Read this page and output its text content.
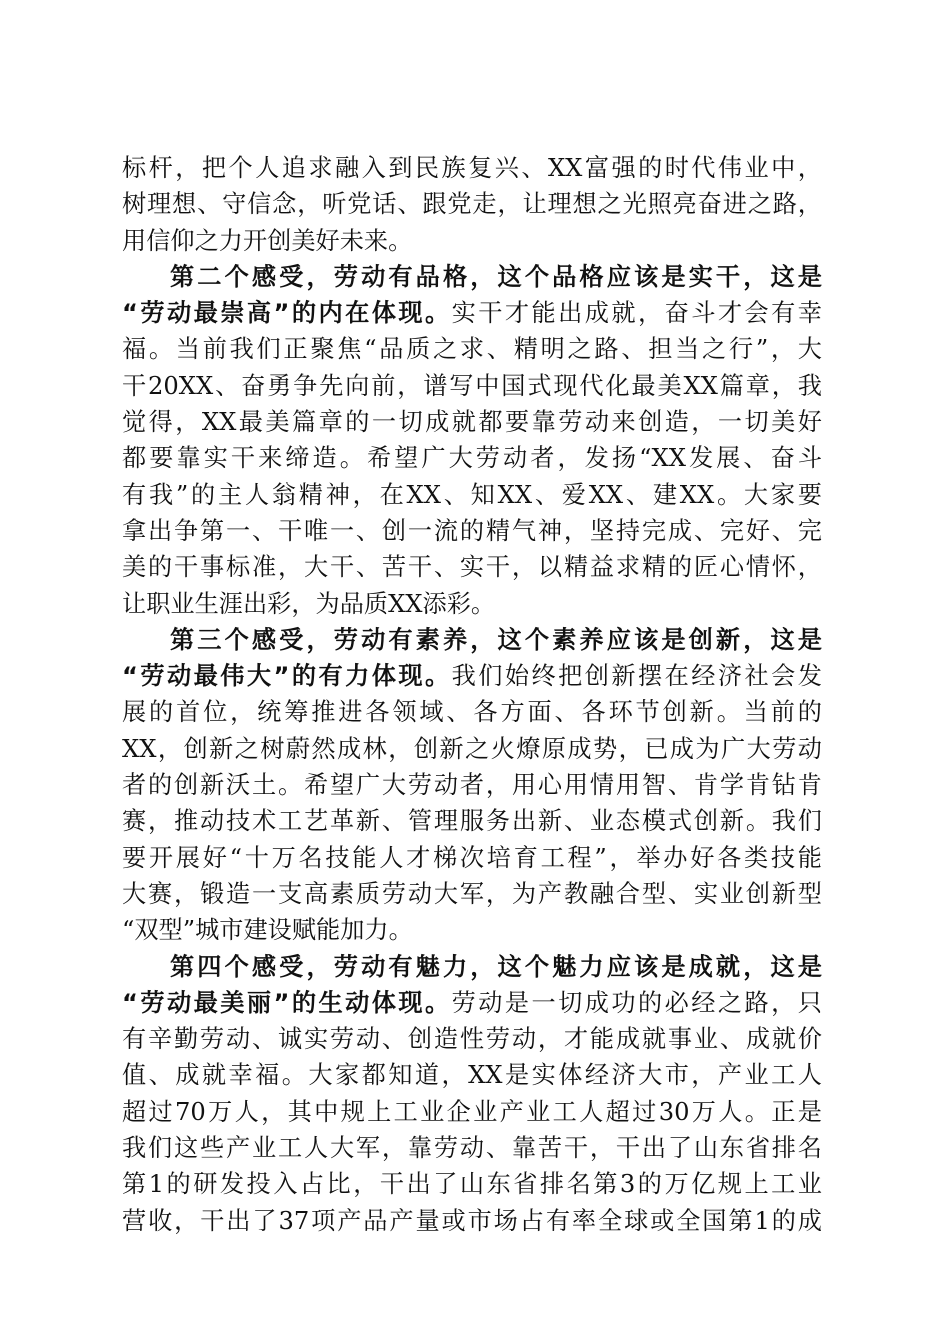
标杆，把个人追求融入到民族复兴、XX富强的时代伟业中，
树理想、守信念，听党话、跟党走，让理想之光照亮奋进之路，
用信仰之力开创美好未来。
第二个感受，劳动有品格，这个品格应该是实干，这是
“劳动最崇高”的内在体现。实干才能出成就，奋斗才会有幸
福。当前我们正聚焦“品质之求、精明之路、担当之行”，大
干20XX、奋勇争先向前，谱写中国式现代化最美XX篇章，我
觉得，XX最美篇章的一切成就都要靠劳动来创造，一切美好
都要靠实干来缔造。希望广大劳动者，发扬“XX发展、奋斗
有我”的主人翁精神，在XX、知XX、爱XX、建XX。大家要
拿出争第一、干唯一、创一流的精气神，坚持完成、完好、完
美的干事标准，大干、苦干、实干，以精益求精的匠心情怀，
让职业生涯出彩，为品质XX添彩。
第三个感受，劳动有素养，这个素养应该是创新，这是
“劳动最伟大”的有力体现。我们始终把创新摆在经济社会发
展的首位，统筹推进各领域、各方面、各环节创新。当前的
XX，创新之树蔚然成林，创新之火燎原成势，已成为广大劳动
者的创新沃土。希望广大劳动者，用心用情用智、肯学肯钻肯
赛，推动技术工艺革新、管理服务出新、业态模式创新。我们
要开展好“十万名技能人才梯次培育工程”，举办好各类技能
大赛，锻造一支高素质劳动大军，为产教融合型、实业创新型
“双型”城市建设赋能加力。
第四个感受，劳动有魅力，这个魅力应该是成就，这是
“劳动最美丽”的生动体现。劳动是一切成功的必经之路，只
有辛勤劳动、诚实劳动、创造性劳动，才能成就事业、成就价
值、成就幸福。大家都知道，XX是实体经济大市，产业工人
超过70万人，其中规上工业企业产业工人超过30万人。正是
我们这些产业工人大军，靠劳动、靠苦干，干出了山东省排名
第1的研发投入占比，干出了山东省排名第3的万亿规上工业
营收，干出了37项产品产量或市场占有率全球或全国第1的成
